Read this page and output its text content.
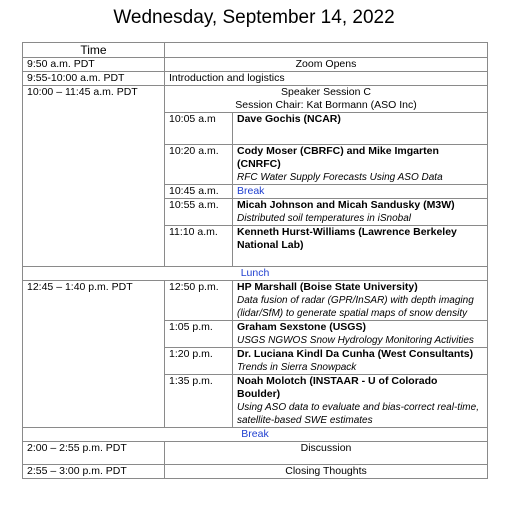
Wednesday, September 14, 2022
Time		
9:50 a.m. PDT	Zoom Opens	
9:55-10:00 a.m. PDT	Introduction and logistics	
10:00 – 11:45 a.m. PDT	Speaker Session C
Session Chair: Kat Bormann (ASO Inc)	

	10:05 a.m	Dave Gochis (NCAR)

	10:20 a.m.	Cody Moser (CBRFC) and Mike Imgarten (CNRFC)
RFC Water Supply Forecasts Using ASO Data

	10:45 a.m.	Break
	10:55 a.m.	Micah Johnson and Micah Sandusky (M3W)
Distributed soil temperatures in iSnobal

	11:10 a.m.	Kenneth Hurst-Williams (Lawrence Berkeley National Lab)

Lunch		
12:45 – 1:40 p.m. PDT	12:50 p.m.	HP Marshall (Boise State University)
Data fusion of radar (GPR/InSAR) with depth imaging (lidar/SfM) to generate spatial maps of snow density

	1:05 p.m.	Graham Sexstone (USGS)
USGS NGWOS Snow Hydrology Monitoring Activities

	1:20 p.m.	Dr. Luciana Kindl Da Cunha (West Consultants)
Trends in Sierra Snowpack

	1:35 p.m.	Noah Molotch (INSTAAR - U of Colorado Boulder)
Using ASO data to evaluate and bias-correct real-time, satellite-based SWE estimates

Break		
2:00 – 2:55 p.m. PDT	Discussion	
2:55 – 3:00 p.m. PDT	Closing Thoughts	
